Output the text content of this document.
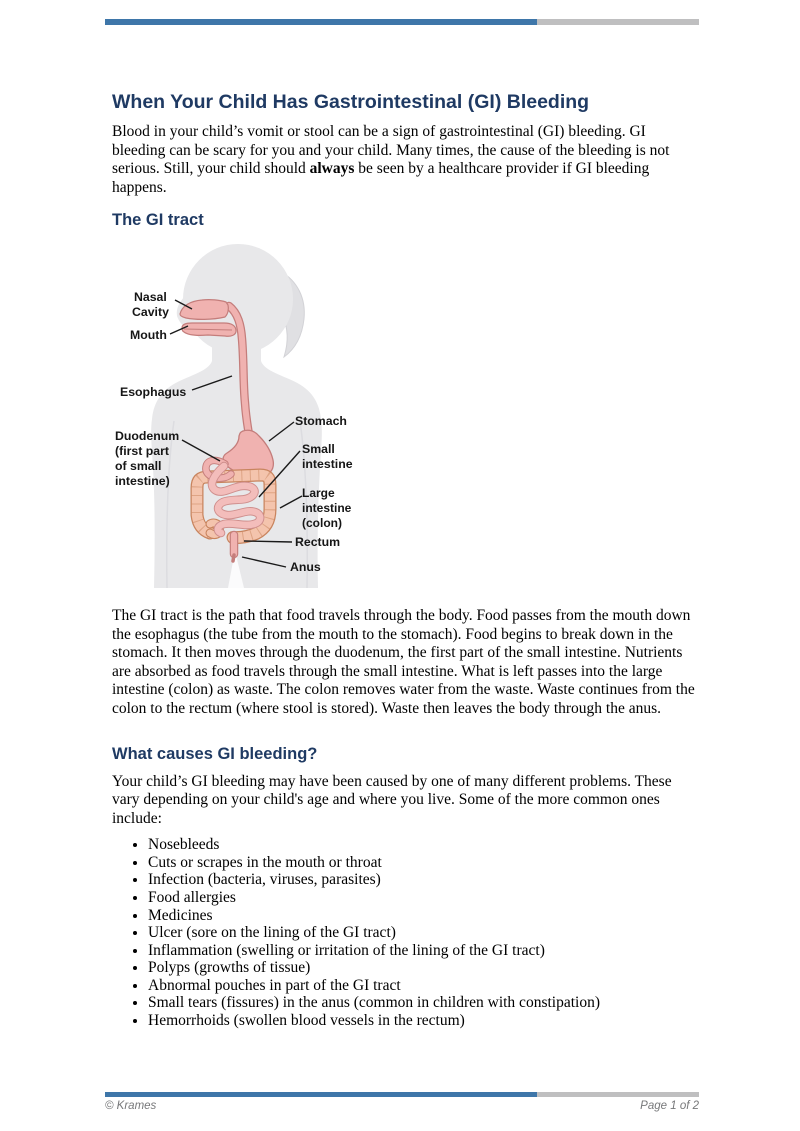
When Your Child Has Gastrointestinal (GI) Bleeding

Blood in your child’s vomit or stool can be a sign of gastrointestinal (GI) bleeding. GI bleeding can be scary for you and your child. Many times, the cause of the bleeding is not serious. Still, your child should always be seen by a healthcare provider if GI bleeding happens.

The GI tract
Nasal Cavity
Mouth
Esophagus
Stomach
Duodenum (first part of small intestine)
Small intestine
Large intestine (colon)
Rectum
Anus

The GI tract is the path that food travels through the body. Food passes from the mouth down the esophagus (the tube from the mouth to the stomach). Food begins to break down in the stomach. It then moves through the duodenum, the first part of the small intestine. Nutrients are absorbed as food travels through the small intestine. What is left passes into the large intestine (colon) as waste. The colon removes water from the waste. Waste continues from the colon to the rectum (where stool is stored). Waste then leaves the body through the anus.

What causes GI bleeding?

Your child’s GI bleeding may have been caused by one of many different problems. These vary depending on your child's age and where you live. Some of the more common ones include:

• Nosebleeds
• Cuts or scrapes in the mouth or throat
• Infection (bacteria, viruses, parasites)
• Food allergies
• Medicines
• Ulcer (sore on the lining of the GI tract)
• Inflammation (swelling or irritation of the lining of the GI tract)
• Polyps (growths of tissue)
• Abnormal pouches in part of the GI tract
• Small tears (fissures) in the anus (common in children with constipation)
• Hemorrhoids (swollen blood vessels in the rectum)
© Krames	Page 1 of 2
